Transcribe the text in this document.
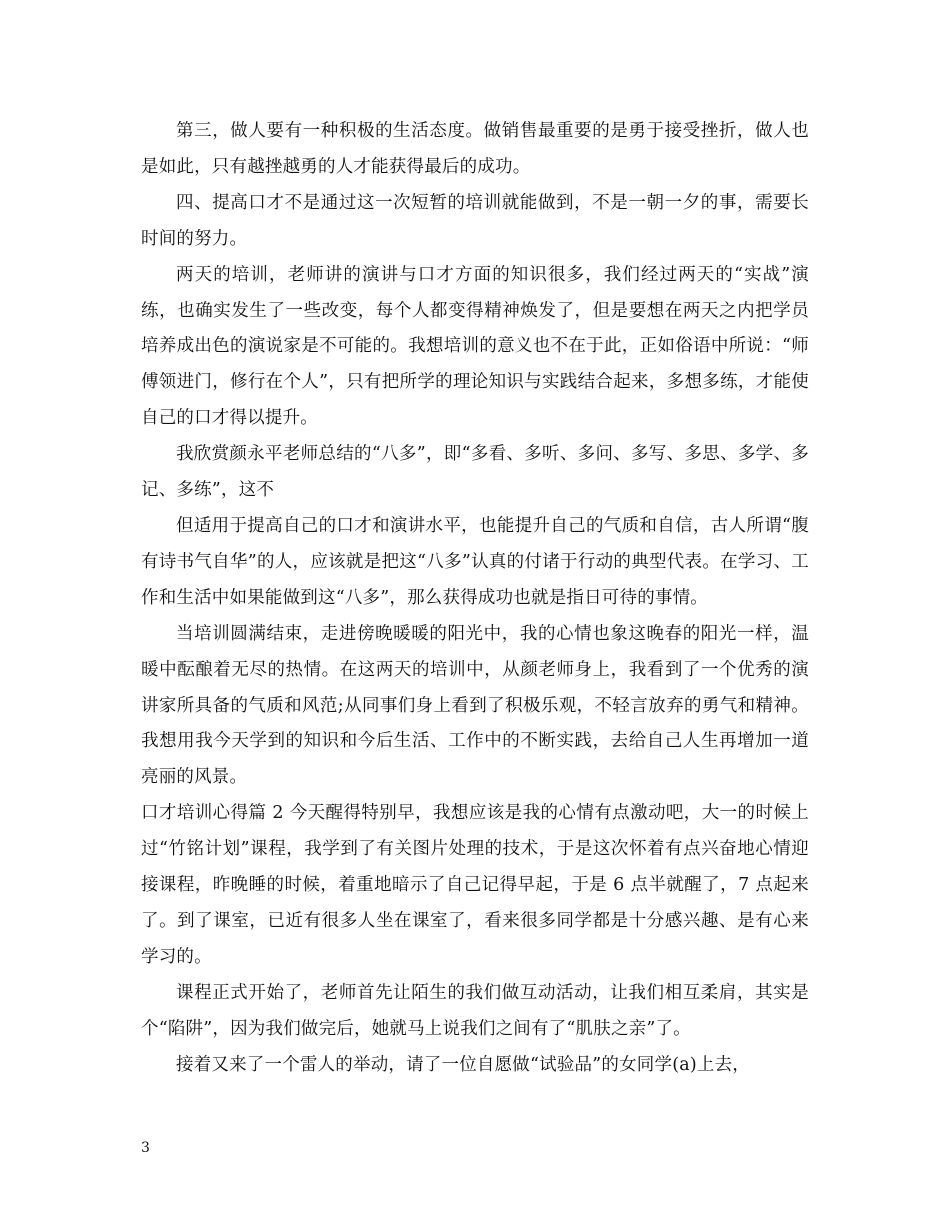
第三，做人要有一种积极的生活态度。做销售最重要的是勇于接受挫折，做人也是如此，只有越挫越勇的人才能获得最后的成功。

四、提高口才不是通过这一次短暂的培训就能做到，不是一朝一夕的事，需要长时间的努力。

两天的培训，老师讲的演讲与口才方面的知识很多，我们经过两天的“实战”演练，也确实发生了一些改变，每个人都变得精神焕发了，但是要想在两天之内把学员培养成出色的演说家是不可能的。我想培训的意义也不在于此，正如俗语中所说：“师傅领进门，修行在个人”，只有把所学的理论知识与实践结合起来，多想多练，才能使自己的口才得以提升。

我欣赏颜永平老师总结的“八多”，即“多看、多听、多问、多写、多思、多学、多记、多练”，这不

但适用于提高自己的口才和演讲水平，也能提升自己的气质和自信，古人所谓“腹有诗书气自华”的人，应该就是把这“八多”认真的付诸于行动的典型代表。在学习、工作和生活中如果能做到这“八多”，那么获得成功也就是指日可待的事情。

当培训圆满结束，走进傍晚暖暖的阳光中，我的心情也象这晚春的阳光一样，温暖中酝酿着无尽的热情。在这两天的培训中，从颜老师身上，我看到了一个优秀的演讲家所具备的气质和风范;从同事们身上看到了积极乐观，不轻言放弃的勇气和精神。我想用我今天学到的知识和今后生活、工作中的不断实践，去给自己人生再增加一道亮丽的风景。

口才培训心得篇 2 今天醒得特别早，我想应该是我的心情有点激动吧，大一的时候上过“竹铭计划”课程，我学到了有关图片处理的技术，于是这次怀着有点兴奋地心情迎接课程，昨晚睡的时候，着重地暗示了自己记得早起，于是 6 点半就醒了，7 点起来了。到了课室，已近有很多人坐在课室了，看来很多同学都是十分感兴趣、是有心来学习的。

课程正式开始了，老师首先让陌生的我们做互动活动，让我们相互柔肩，其实是个“陷阱”，因为我们做完后，她就马上说我们之间有了“肌肤之亲”了。

接着又来了一个雷人的举动，请了一位自愿做“试验品”的女同学(a)上去，

3
